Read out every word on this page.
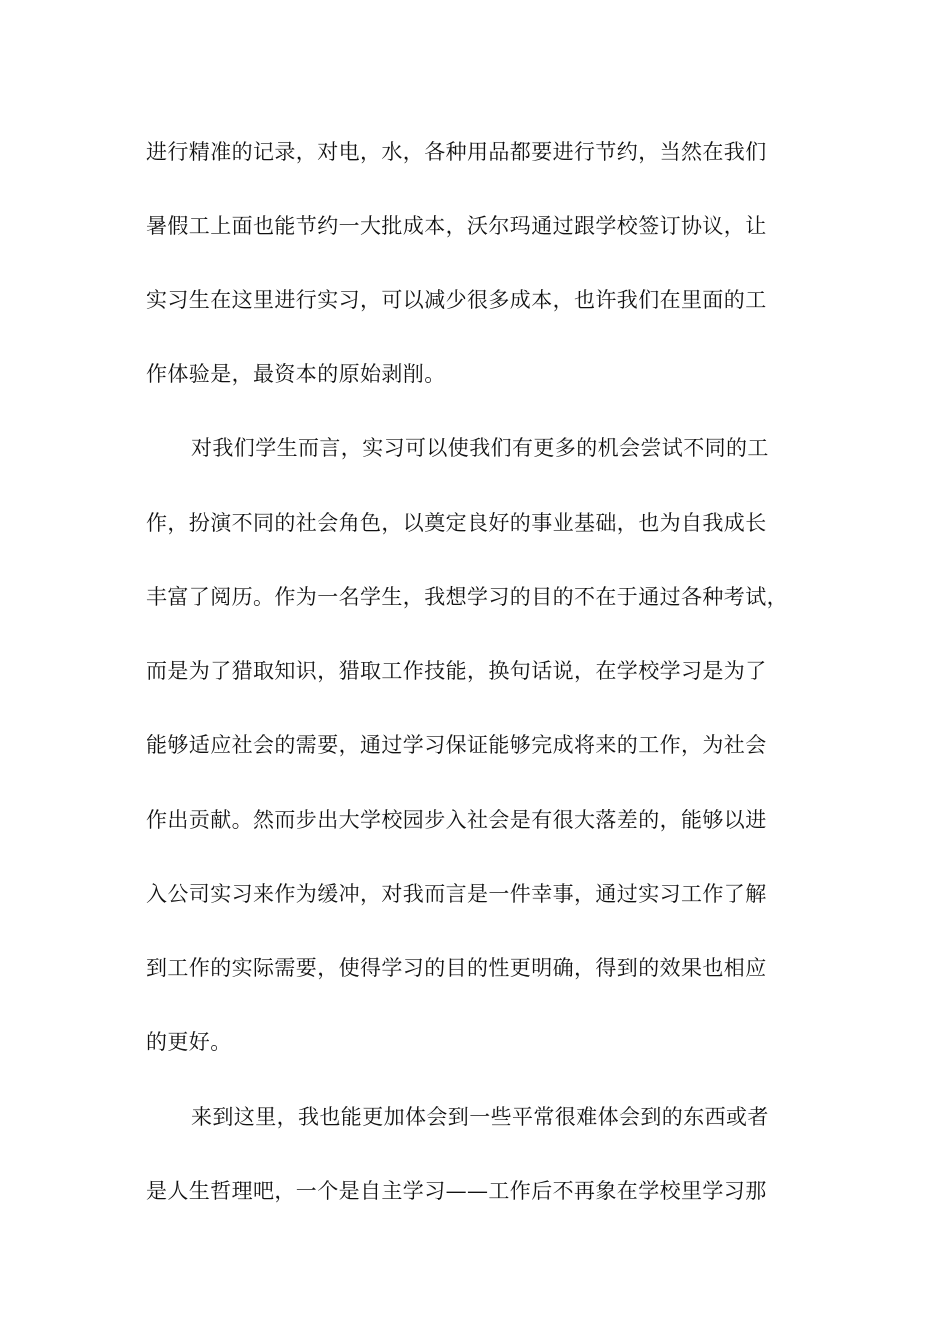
进行精准的记录，对电，水，各种用品都要进行节约，当然在我们
暑假工上面也能节约一大批成本，沃尔玛通过跟学校签订协议，让
实习生在这里进行实习，可以减少很多成本，也许我们在里面的工
作体验是，最资本的原始剥削。
对我们学生而言，实习可以使我们有更多的机会尝试不同的工
作，扮演不同的社会角色，以奠定良好的事业基础，也为自我成长
丰富了阅历。作为一名学生，我想学习的目的不在于通过各种考试，
而是为了猎取知识，猎取工作技能，换句话说，在学校学习是为了
能够适应社会的需要，通过学习保证能够完成将来的工作，为社会
作出贡献。然而步出大学校园步入社会是有很大落差的，能够以进
入公司实习来作为缓冲，对我而言是一件幸事，通过实习工作了解
到工作的实际需要，使得学习的目的性更明确，得到的效果也相应
的更好。
来到这里，我也能更加体会到一些平常很难体会到的东西或者
是人生哲理吧，一个是自主学习——工作后不再象在学校里学习那
